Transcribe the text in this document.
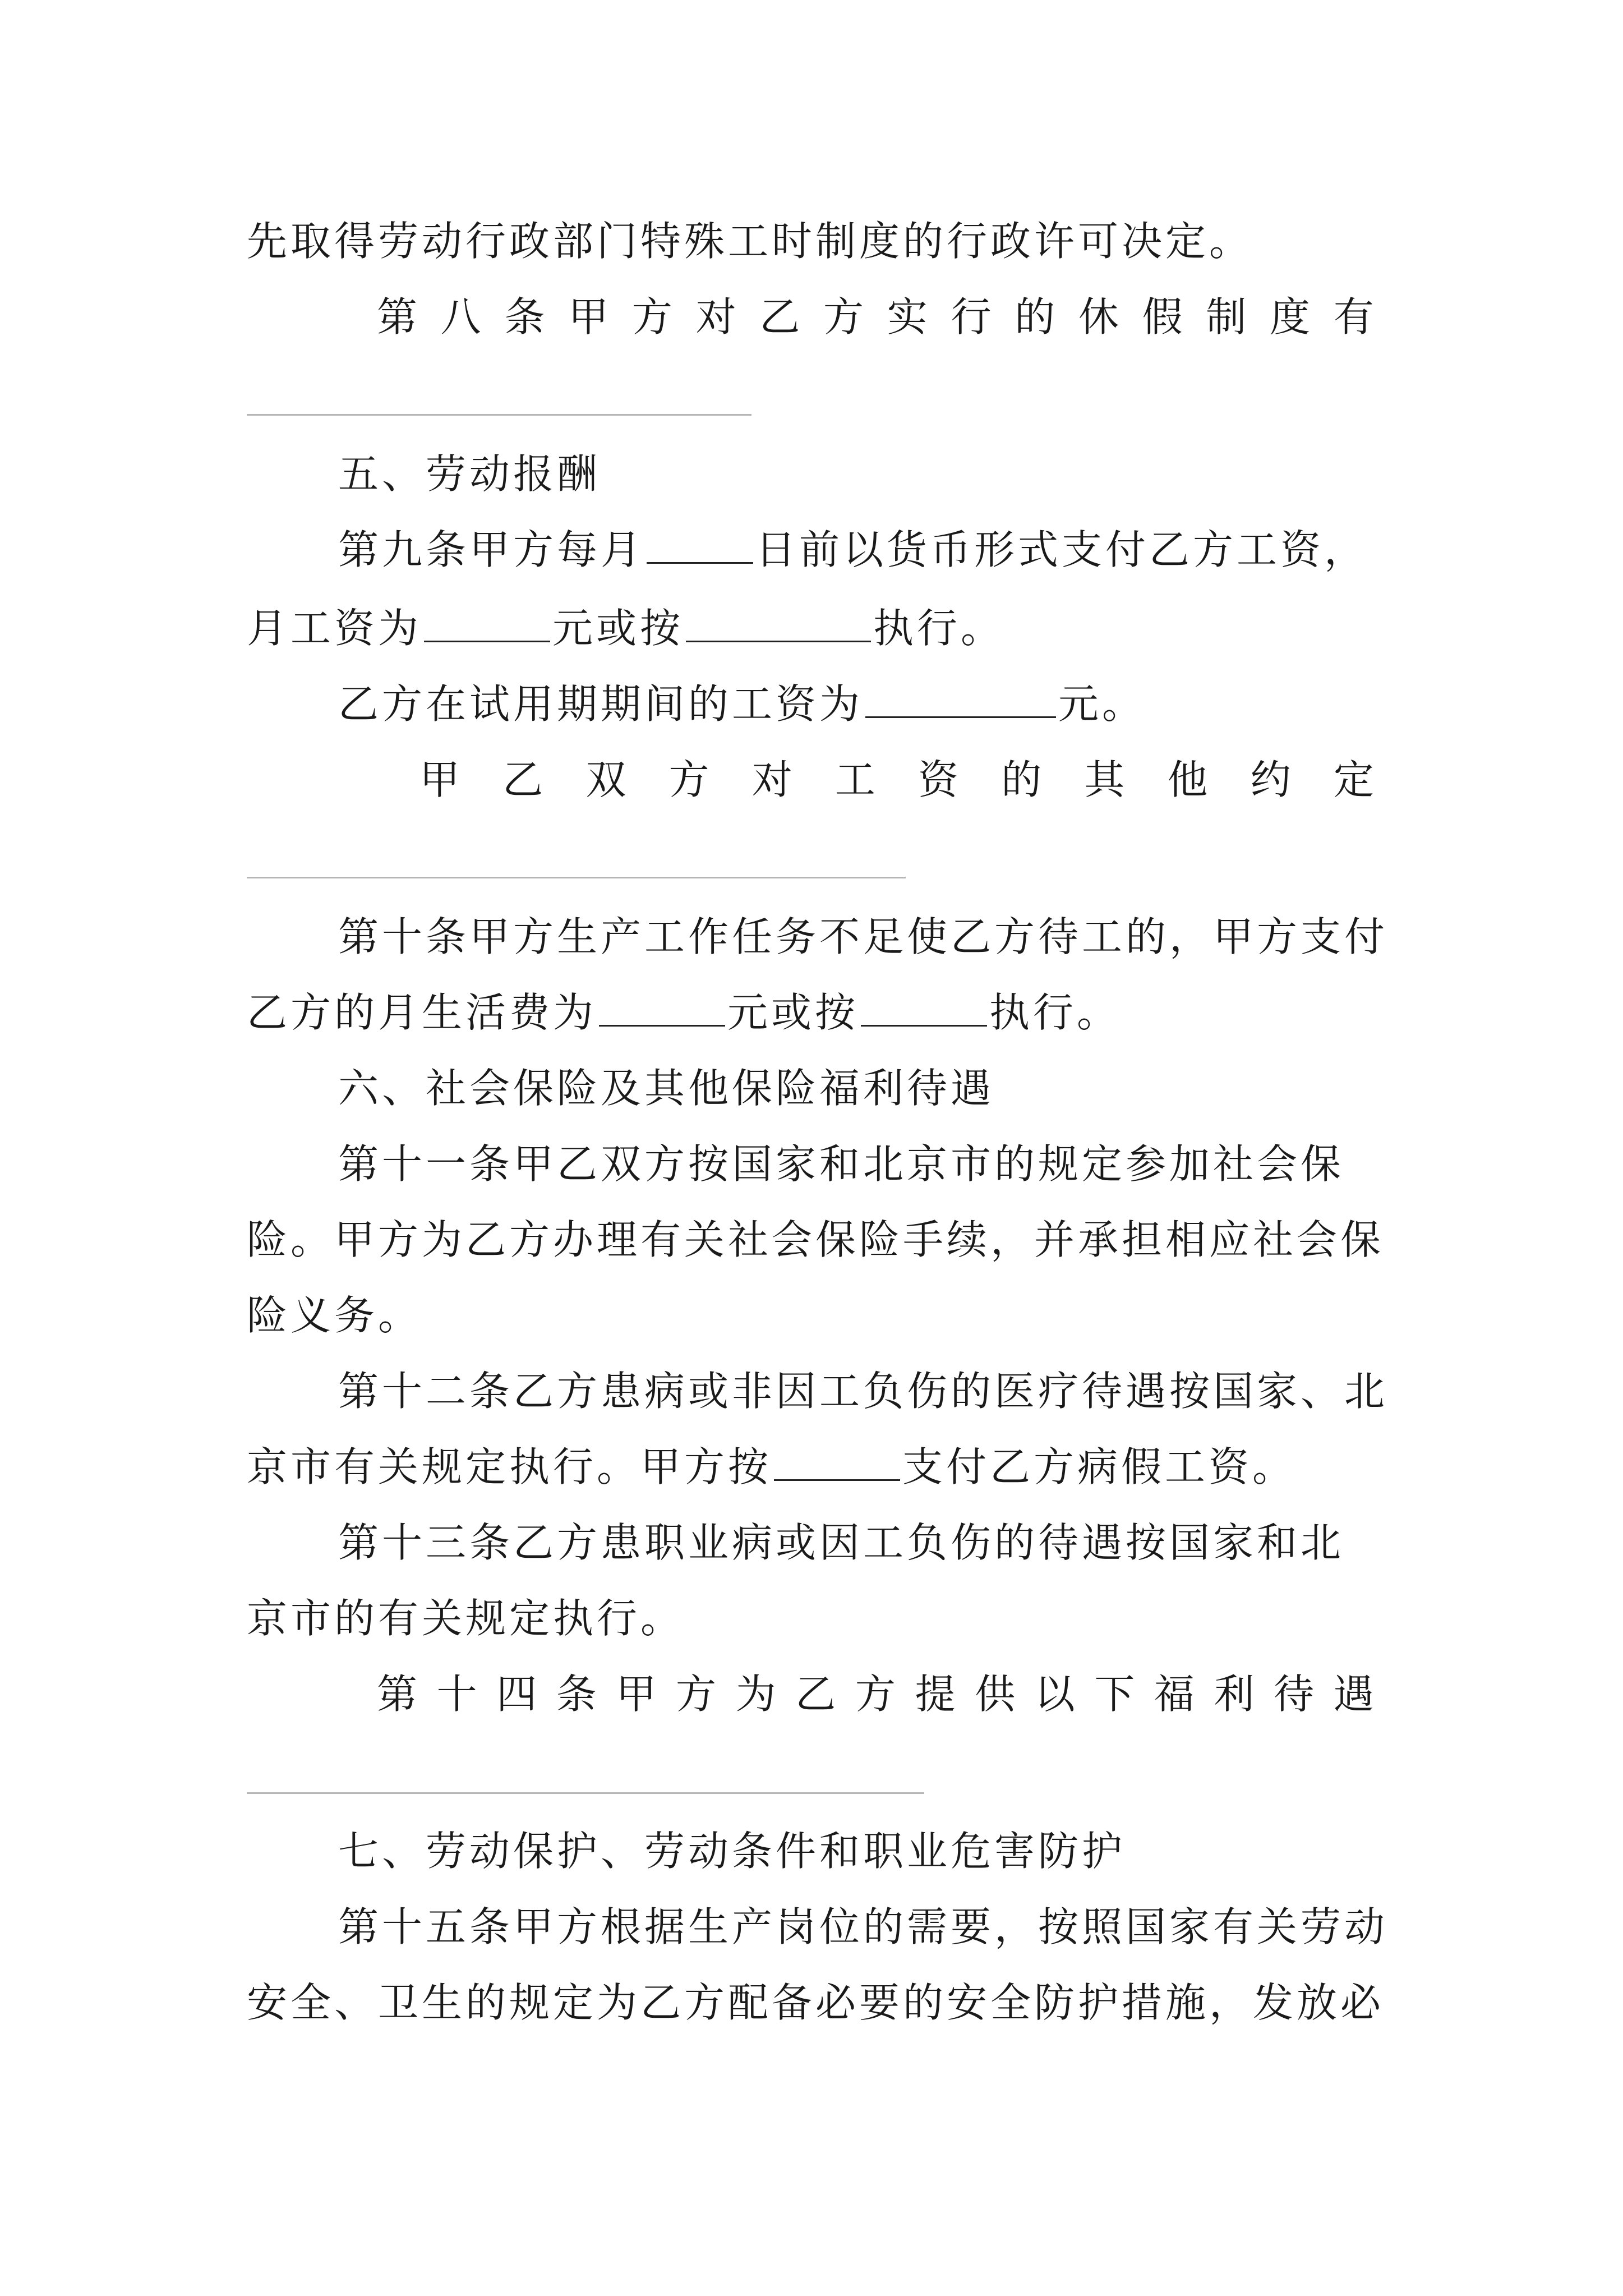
先取得劳动行政部门特殊工时制度的行政许可决定。
第 八 条 甲 方 对 乙 方 实 行 的 休 假 制 度 有
五、劳动报酬
第九条甲方每月	日前以货币形式支付乙方工资，
月工资为	元或按	执行。
乙方在试用期期间的工资为	元。
甲 乙 双 方 对 工 资 的 其 他 约 定
第十条甲方生产工作任务不足使乙方待工的，甲方支付
乙方的月生活费为	元或按	执行。
六、社会保险及其他保险福利待遇
第十一条甲乙双方按国家和北京市的规定参加社会保
险。甲方为乙方办理有关社会保险手续，并承担相应社会保
险义务。
第十二条乙方患病或非因工负伤的医疗待遇按国家、北
京市有关规定执行。甲方按	支付乙方病假工资。
第十三条乙方患职业病或因工负伤的待遇按国家和北
京市的有关规定执行。
第 十 四 条 甲 方 为 乙 方 提 供 以 下 福 利 待 遇
七、劳动保护、劳动条件和职业危害防护
第十五条甲方根据生产岗位的需要，按照国家有关劳动
安全、卫生的规定为乙方配备必要的安全防护措施，发放必
